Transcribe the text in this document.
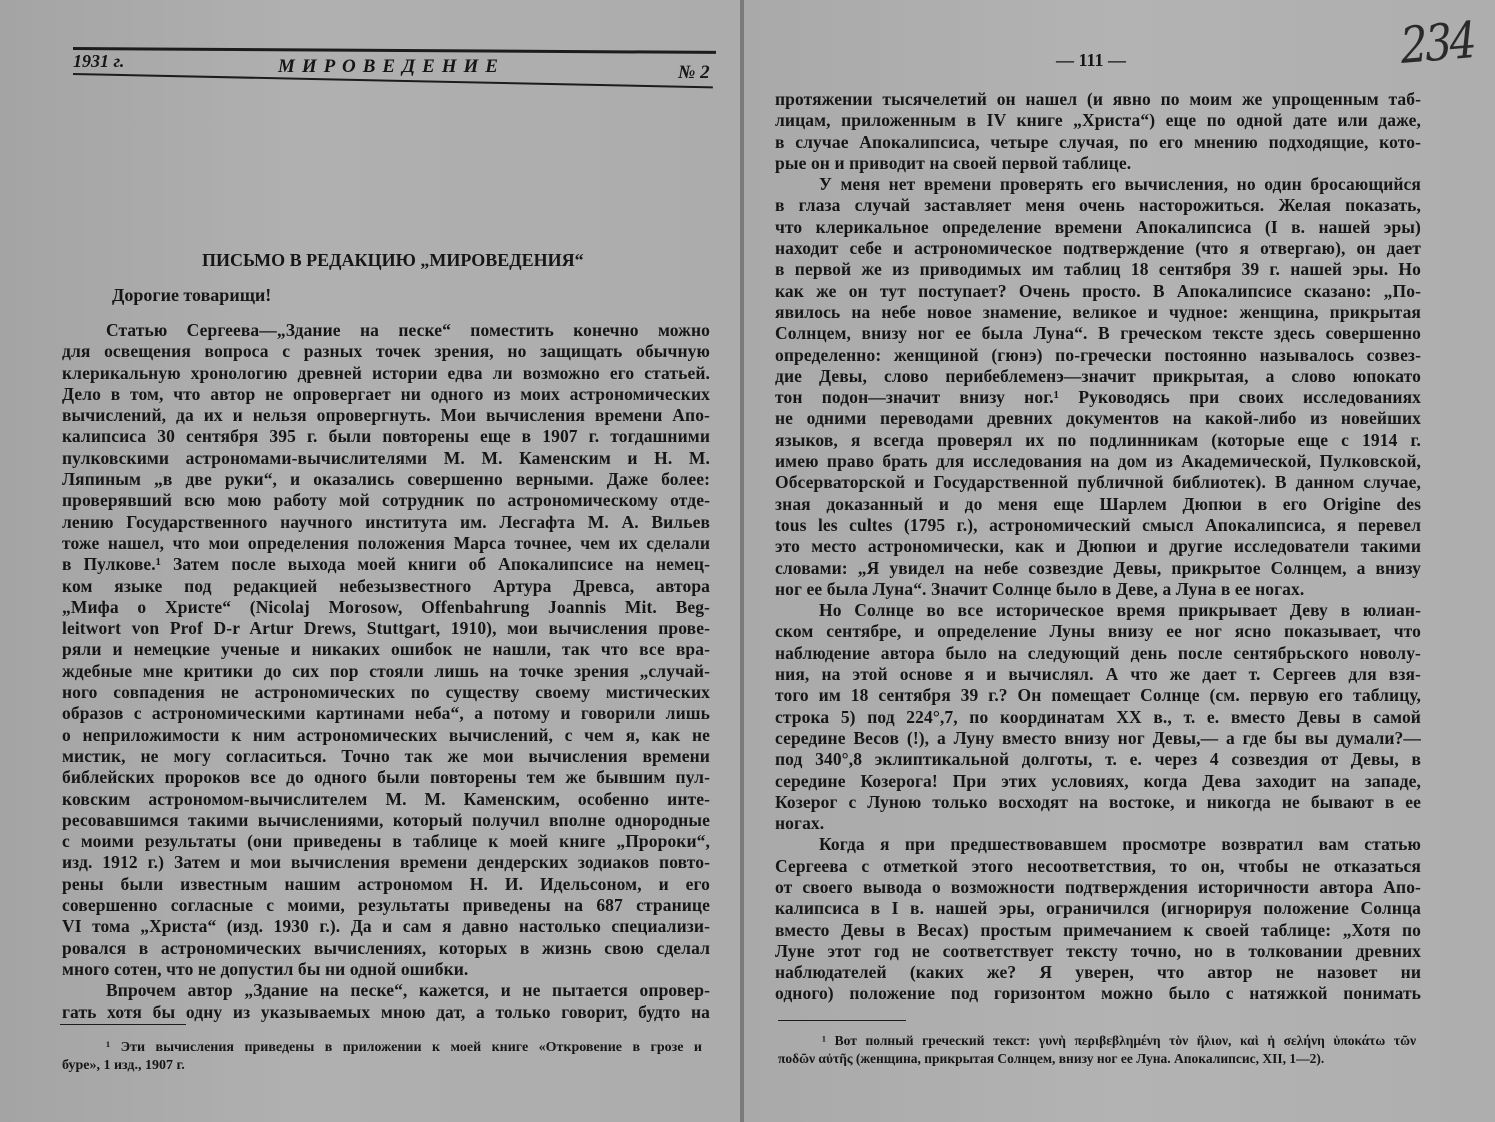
1931 г.	МИРОВЕДЕНИЕ	№ 2
ПИСЬМО В РЕДАКЦИЮ „МИРОВЕДЕНИЯ“
Дорогие товарищи!
Статью Сергеева—„Здание на песке“ поместить конечно можно
для освещения вопроса с разных точек зрения, но защищать обычную
клерикальную хронологию древней истории едва ли возможно его статьей.
Дело в том, что автор не опровергает ни одного из моих астрономических
вычислений, да их и нельзя опровергнуть. Мои вычисления времени Апо-
калипсиса 30 сентября 395 г. были повторены еще в 1907 г. тогдашними
пулковскими астрономами-вычислителями М. М. Каменским и Н. М.
Ляпиным „в две руки“, и оказались совершенно верными. Даже более:
проверявший всю мою работу мой сотрудник по астрономическому отде-
лению Государственного научного института им. Лесгафта М. А. Вильев
тоже нашел, что мои определения положения Марса точнее, чем их сделали
в Пулкове.¹ Затем после выхода моей книги об Апокалипсисе на немец-
ком языке под редакцией небезызвестного Артура Древса, автора
„Мифа о Христе“ (Nicolaj Morosow, Offenbahrung Joannis Mit. Beg-
leitwort von Prof D-r Artur Drews, Stuttgart, 1910), мои вычисления прове-
ряли и немецкие ученые и никаких ошибок не нашли, так что все вра-
ждебные мне критики до сих пор стояли лишь на точке зрения „случай-
ного совпадения не астрономических по существу своему мистических
образов с астрономическими картинами неба“, а потому и говорили лишь
о неприложимости к ним астрономических вычислений, с чем я, как не
мистик, не могу согласиться. Точно так же мои вычисления времени
библейских пророков все до одного были повторены тем же бывшим пул-
ковским астрономом-вычислителем М. М. Каменским, особенно инте-
ресовавшимся такими вычислениями, который получил вполне однородные
с моими результаты (они приведены в таблице к моей книге „Пророки“,
изд. 1912 г.) Затем и мои вычисления времени дендерских зодиаков повто-
рены были известным нашим астрономом Н. И. Идельсоном, и его
совершенно согласные с моими, результаты приведены на 687 странице
VI тома „Христа“ (изд. 1930 г.). Да и сам я давно настолько специализи-
ровался в астрономических вычислениях, которых в жизнь свою сделал
много сотен, что не допустил бы ни одной ошибки.
Впрочем автор „Здание на песке“, кажется, и не пытается опровер-
гать хотя бы одну из указываемых мною дат, а только говорит, будто на
¹ Эти вычисления приведены в приложении к моей книге «Откровение в грозе и
буре», 1 изд., 1907 г.
— 111 —	234
протяжении тысячелетий он нашел (и явно по моим же упрощенным таб-
лицам, приложенным в IV книге „Христа“) еще по одной дате или даже,
в случае Апокалипсиса, четыре случая, по его мнению подходящие, кото-
рые он и приводит на своей первой таблице.
У меня нет времени проверять его вычисления, но один бросающийся
в глаза случай заставляет меня очень насторожиться. Желая показать,
что клерикальное определение времени Апокалипсиса (I в. нашей эры)
находит себе и астрономическое подтверждение (что я отвергаю), он дает
в первой же из приводимых им таблиц 18 сентября 39 г. нашей эры. Но
как же он тут поступает? Очень просто. В Апокалипсисе сказано: „По-
явилось на небе новое знамение, великое и чудное: женщина, прикрытая
Солнцем, внизу ног ее была Луна“. В греческом тексте здесь совершенно
определенно: женщиной (гюнэ) по-гречески постоянно называлось созвез-
дие Девы, слово перибеблеменэ—значит прикрытая, а слово юпокато
тон подон—значит внизу ног.¹ Руководясь при своих исследованиях
не одними переводами древних документов на какой-либо из новейших
языков, я всегда проверял их по подлинникам (которые еще с 1914 г.
имею право брать для исследования на дом из Академической, Пулковской,
Обсерваторской и Государственной публичной библиотек). В данном случае,
зная доказанный и до меня еще Шарлем Дюпюи в его Origine des
tous les cultes (1795 г.), астрономический смысл Апокалипсиса, я перевел
это место астрономически, как и Дюпюи и другие исследователи такими
словами: „Я увидел на небе созвездие Девы, прикрытое Солнцем, а внизу
ног ее была Луна“. Значит Солнце было в Деве, а Луна в ее ногах.
Но Солнце во все историческое время прикрывает Деву в юлиан-
ском сентябре, и определение Луны внизу ее ног ясно показывает, что
наблюдение автора было на следующий день после сентябрьского новолу-
ния, на этой основе я и вычислял. А что же дает т. Сергеев для взя-
того им 18 сентября 39 г.? Он помещает Солнце (см. первую его таблицу,
строка 5) под 224°,7, по координатам XX в., т. е. вместо Девы в самой
середине Весов (!), а Луну вместо внизу ног Девы,— а где бы вы думали?—
под 340°,8 эклиптикальной долготы, т. е. через 4 созвездия от Девы, в
середине Козерога! При этих условиях, когда Дева заходит на западе,
Козерог с Луною только восходят на востоке, и никогда не бывают в ее
ногах.
Когда я при предшествовавшем просмотре возвратил вам статью
Сергеева с отметкой этого несоответствия, то он, чтобы не отказаться
от своего вывода о возможности подтверждения историчности автора Апо-
калипсиса в I в. нашей эры, ограничился (игнорируя положение Солнца
вместо Девы в Весах) простым примечанием к своей таблице: „Хотя по
Луне этот год не соответствует тексту точно, но в толковании древних
наблюдателей (каких же? Я уверен, что автор не назовет ни
одного) положение под горизонтом можно было с натяжкой понимать
¹ Вот полный греческий текст: γυνὴ περιβεβλημένη τὸν ἥλιον, καὶ ἡ σελήνη ὑποκάτω τῶν
ποδῶν αὐτῆς (женщина, прикрытая Солнцем, внизу ног ее Луна. Апокалипсис, XII, 1—2).
